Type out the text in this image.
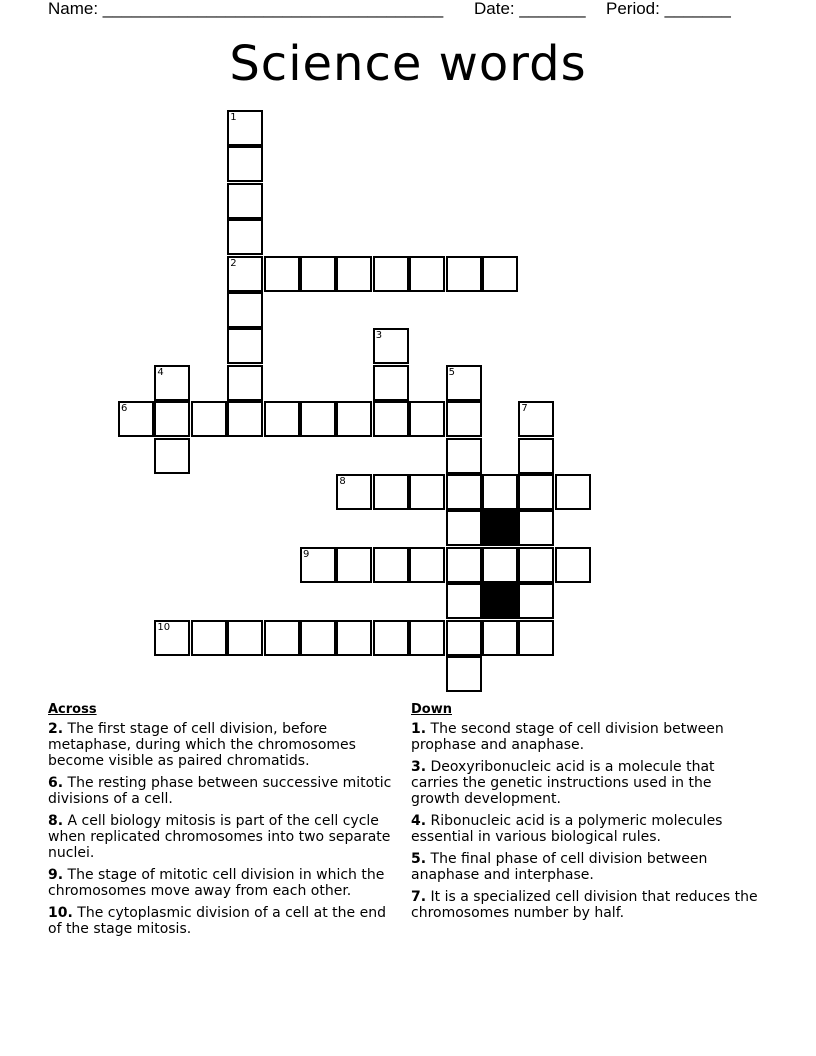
Name: ____________________________________ Date: _______ Period: _______
Science words
1
2
3
4	5
6	7
8
9
10
Across
2. The first stage of cell division, before metaphase, during which the chromosomes become visible as paired chromatids.
6. The resting phase between successive mitotic divisions of a cell.
8. A cell biology mitosis is part of the cell cycle when replicated chromosomes into two separate nuclei.
9. The stage of mitotic cell division in which the chromosomes move away from each other.
10. The cytoplasmic division of a cell at the end of the stage mitosis.
Down
1. The second stage of cell division between prophase and anaphase.
3. Deoxyribonucleic acid is a molecule that carries the genetic instructions used in the growth development.
4. Ribonucleic acid is a polymeric molecules essential in various biological rules.
5. The final phase of cell division between anaphase and interphase.
7. It is a specialized cell division that reduces the chromosomes number by half.
